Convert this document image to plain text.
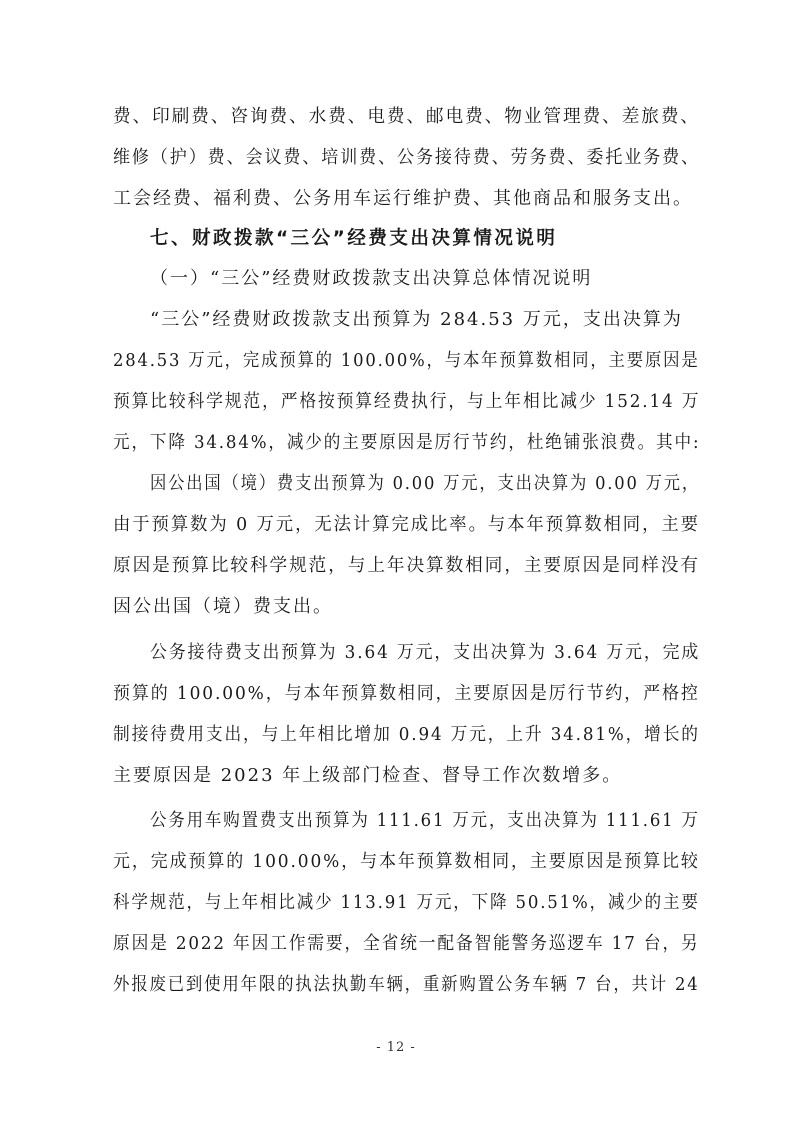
费、印刷费、咨询费、水费、电费、邮电费、物业管理费、差旅费、
维修（护）费、会议费、培训费、公务接待费、劳务费、委托业务费、
工会经费、福利费、公务用车运行维护费、其他商品和服务支出。
七、财政拨款“三公”经费支出决算情况说明
（一）“三公”经费财政拨款支出决算总体情况说明
“三公”经费财政拨款支出预算为 284.53 万元，支出决算为
284.53 万元，完成预算的 100.00%，与本年预算数相同，主要原因是
预算比较科学规范，严格按预算经费执行，与上年相比减少 152.14 万
元，下降 34.84%，减少的主要原因是厉行节约，杜绝铺张浪费。其中:
因公出国（境）费支出预算为 0.00 万元，支出决算为 0.00 万元，
由于预算数为 0 万元，无法计算完成比率。与本年预算数相同，主要
原因是预算比较科学规范，与上年决算数相同，主要原因是同样没有
因公出国（境）费支出。
公务接待费支出预算为 3.64 万元，支出决算为 3.64 万元，完成
预算的 100.00%，与本年预算数相同，主要原因是厉行节约，严格控
制接待费用支出，与上年相比增加 0.94 万元，上升 34.81%，增长的
主要原因是 2023 年上级部门检查、督导工作次数增多。
公务用车购置费支出预算为 111.61 万元，支出决算为 111.61 万
元，完成预算的 100.00%，与本年预算数相同，主要原因是预算比较
科学规范，与上年相比减少 113.91 万元，下降 50.51%，减少的主要
原因是 2022 年因工作需要，全省统一配备智能警务巡逻车 17 台，另
外报废已到使用年限的执法执勤车辆，重新购置公务车辆 7 台，共计 24
- 12 -
